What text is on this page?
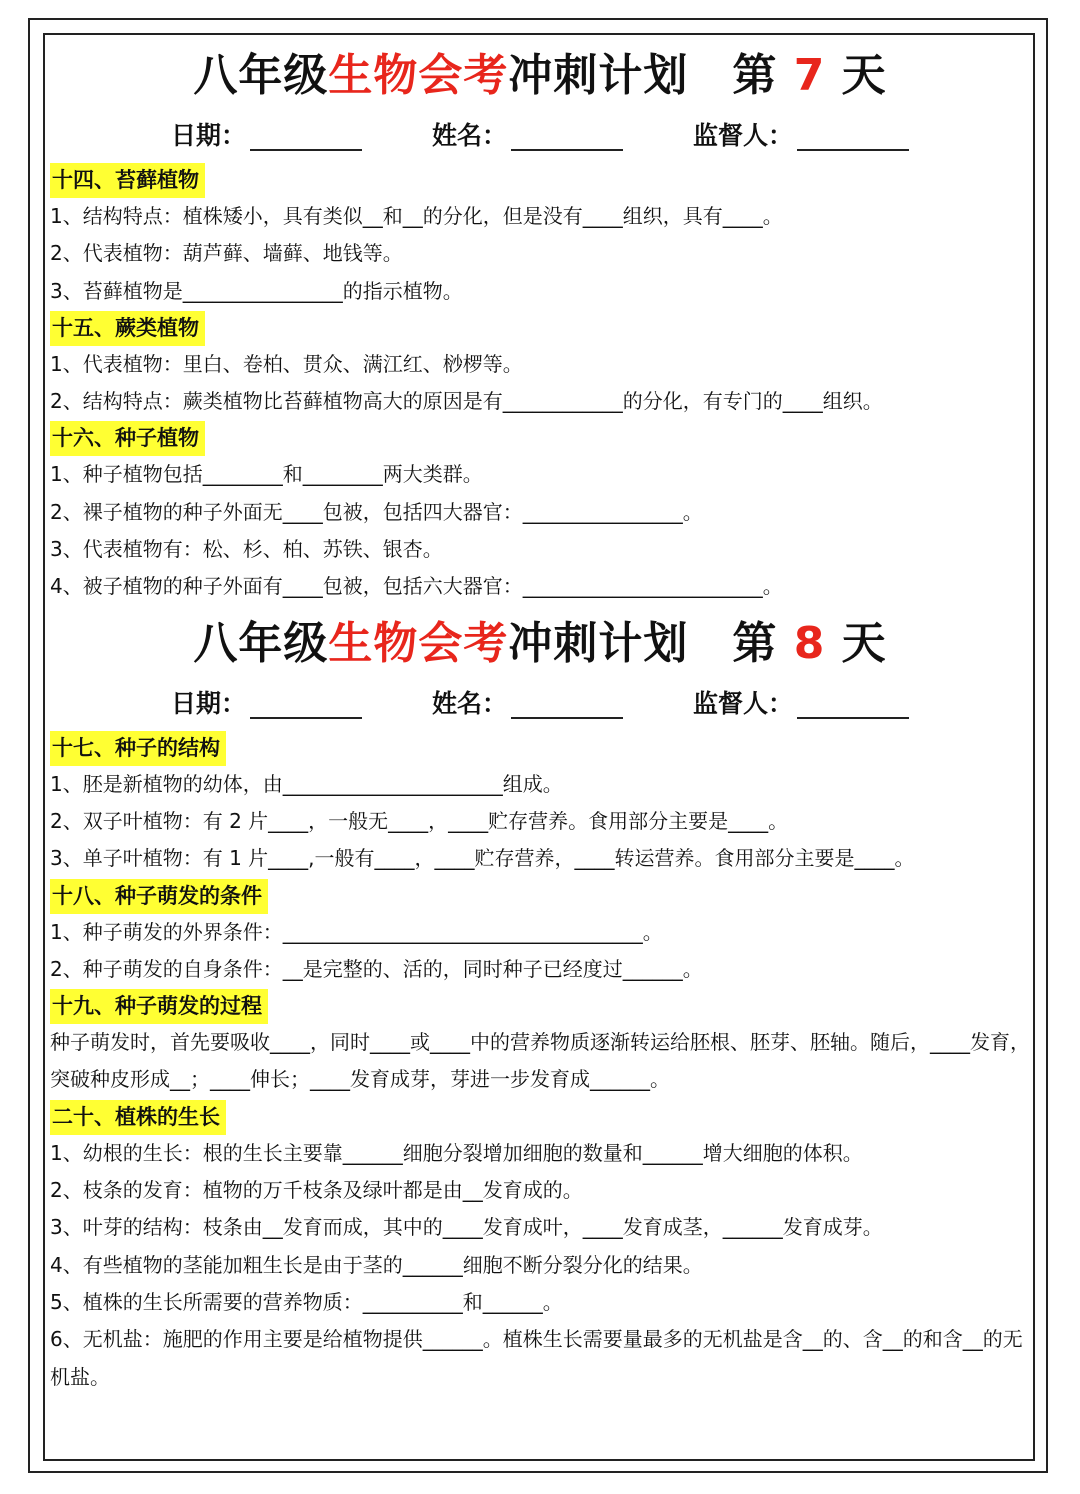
八年级生物会考冲刺计划 第 7 天
日期：	姓名：	监督人：
十四、苔藓植物
1、结构特点：植株矮小，具有类似__和__的分化，但是没有____组织，具有____。
2、代表植物：葫芦藓、墙藓、地钱等。
3、苔藓植物是________________的指示植物。
十五、蕨类植物
1、代表植物：里白、卷柏、贯众、满江红、桫椤等。
2、结构特点：蕨类植物比苔藓植物高大的原因是有____________的分化，有专门的____组织。
十六、种子植物
1、种子植物包括________和________两大类群。
2、裸子植物的种子外面无____包被，包括四大器官：________________。
3、代表植物有：松、杉、柏、苏铁、银杏。
4、被子植物的种子外面有____包被，包括六大器官：________________________。
八年级生物会考冲刺计划 第 8 天
日期：	姓名：	监督人：
十七、种子的结构
1、胚是新植物的幼体，由______________________组成。
2、双子叶植物：有 2 片____，一般无____，____贮存营养。食用部分主要是____。
3、单子叶植物：有 1 片____,一般有____，____贮存营养，____转运营养。食用部分主要是____。
十八、种子萌发的条件
1、种子萌发的外界条件：____________________________________。
2、种子萌发的自身条件：__是完整的、活的，同时种子已经度过______。
十九、种子萌发的过程
种子萌发时，首先要吸收____，同时____或____中的营养物质逐渐转运给胚根、胚芽、胚轴。随后，____发育，突破种皮形成__；____伸长；____发育成芽，芽进一步发育成______。
二十、植株的生长
1、幼根的生长：根的生长主要靠______细胞分裂增加细胞的数量和______增大细胞的体积。
2、枝条的发育：植物的万千枝条及绿叶都是由__发育成的。
3、叶芽的结构：枝条由__发育而成，其中的____发育成叶，____发育成茎，______发育成芽。
4、有些植物的茎能加粗生长是由于茎的______细胞不断分裂分化的结果。
5、植株的生长所需要的营养物质：__________和______。
6、无机盐：施肥的作用主要是给植物提供______。植株生长需要量最多的无机盐是含__的、含__的和含__的无机盐。
